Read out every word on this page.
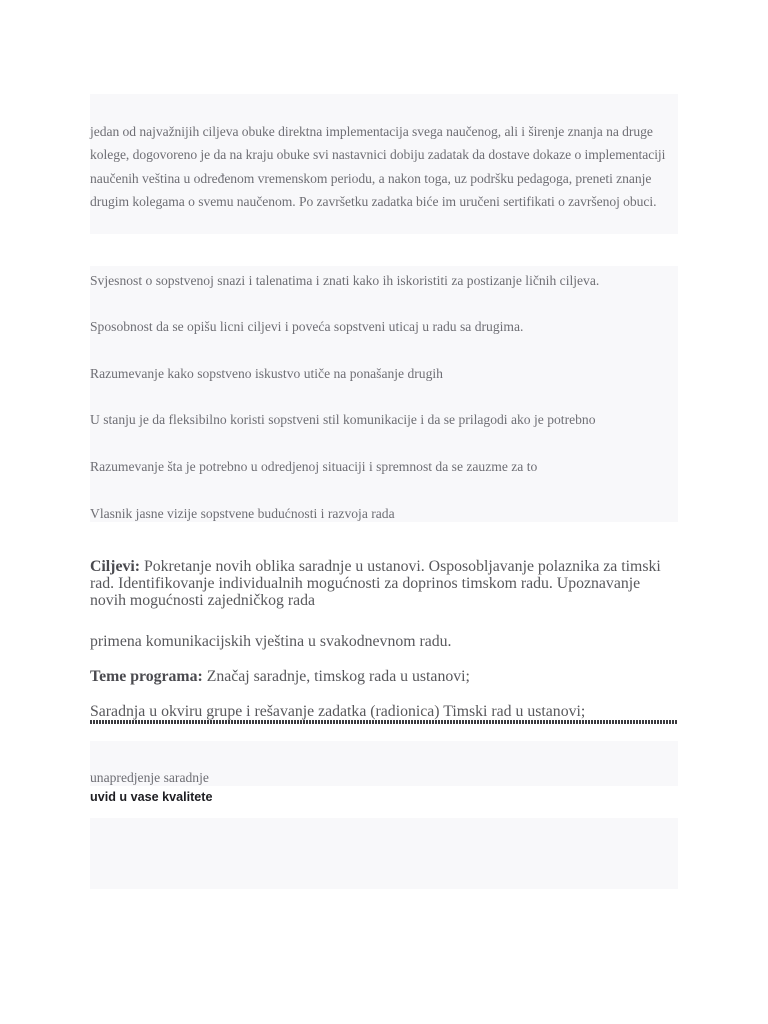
jedan od najvažnijih ciljeva obuke direktna implementacija svega naučenog, ali i širenje znanja na druge kolege, dogovoreno je da na kraju obuke svi nastavnici dobiju zadatak da dostave dokaze o implementaciji naučenih veština u određenom vremenskom periodu, a nakon toga, uz podršku pedagoga, preneti znanje drugim kolegama o svemu naučenom. Po završetku zadatka biće im uručeni sertifikati o završenoj obuci.

Svjesnost o sopstvenoj snazi i talenatima i znati kako ih iskoristiti za postizanje ličnih ciljeva.

Sposobnost da se opišu licni ciljevi i poveća sopstveni uticaj u radu sa drugima.

Razumevanje kako sopstveno iskustvo utiče na ponašanje drugih

U stanju je da fleksibilno koristi sopstveni stil komunikacije i da se prilagodi ako je potrebno

Razumevanje šta je potrebno u odredjenoj situaciji i spremnost da se zauzme za to

Vlasnik jasne vizije sopstvene budućnosti i razvoja rada

Ciljevi: Pokretanje novih oblika saradnje u ustanovi. Osposobljavanje polaznika za timski rad. Identifikovanje individualnih mogućnosti za doprinos timskom radu. Upoznavanje novih mogućnosti zajedničkog rada

primena komunikacijskih vještina u svakodnevnom radu.

Teme programa: Značaj saradnje, timskog rada u ustanovi;

Saradnja u okviru grupe i rešavanje zadatka (radionica) Timski rad u ustanovi;

unapredjenje saradnje

uvid u vase kvalitete
